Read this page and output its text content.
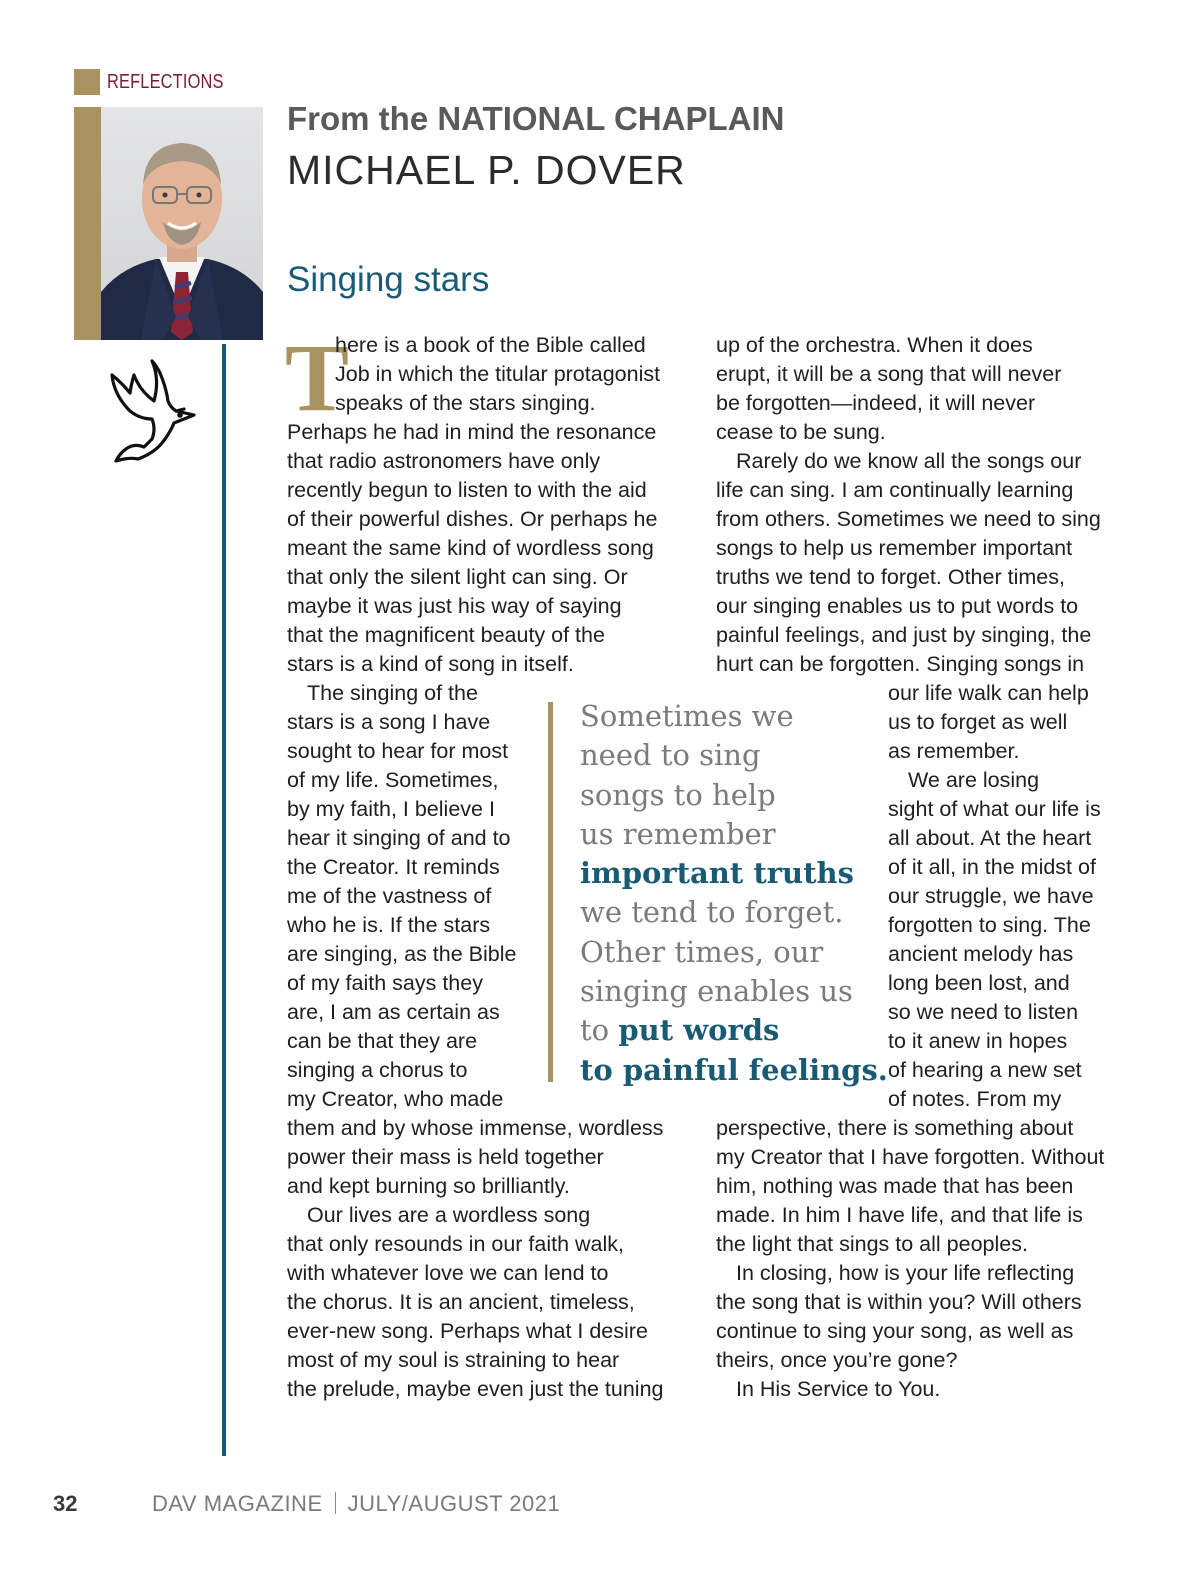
REFLECTIONS
From the NATIONAL CHAPLAIN
MICHAEL P. DOVER
Singing stars
T
here is a book of the Bible called
Job in which the titular protagonist
speaks of the stars singing.
Perhaps he had in mind the resonance
that radio astronomers have only
recently begun to listen to with the aid
of their powerful dishes. Or perhaps he
meant the same kind of wordless song
that only the silent light can sing. Or
maybe it was just his way of saying
that the magnificent beauty of the
stars is a kind of song in itself.
The singing of the
stars is a song I have
sought to hear for most
of my life. Sometimes,
by my faith, I believe I
hear it singing of and to
the Creator. It reminds
me of the vastness of
who he is. If the stars
are singing, as the Bible
of my faith says they
are, I am as certain as
can be that they are
singing a chorus to
my Creator, who made
them and by whose immense, wordless
power their mass is held together
and kept burning so brilliantly.
Our lives are a wordless song
that only resounds in our faith walk,
with whatever love we can lend to
the chorus. It is an ancient, timeless,
ever-new song. Perhaps what I desire
most of my soul is straining to hear
the prelude, maybe even just the tuning
up of the orchestra. When it does
erupt, it will be a song that will never
be forgotten—indeed, it will never
cease to be sung.
Rarely do we know all the songs our
life can sing. I am continually learning
from others. Sometimes we need to sing
songs to help us remember important
truths we tend to forget. Other times,
our singing enables us to put words to
painful feelings, and just by singing, the
hurt can be forgotten. Singing songs in
our life walk can help
us to forget as well
as remember.
We are losing
sight of what our life is
all about. At the heart
of it all, in the midst of
our struggle, we have
forgotten to sing. The
ancient melody has
long been lost, and
so we need to listen
to it anew in hopes
of hearing a new set
of notes. From my
perspective, there is something about
my Creator that I have forgotten. Without
him, nothing was made that has been
made. In him I have life, and that life is
the light that sings to all peoples.
In closing, how is your life reflecting
the song that is within you? Will others
continue to sing your song, as well as
theirs, once you’re gone?
In His Service to You.
Sometimes we
need to sing
songs to help
us remember
important truths
we tend to forget.
Other times, our
singing enables us
to put words
to painful feelings.
32	DAV MAGAZINE JULY/AUGUST 2021
